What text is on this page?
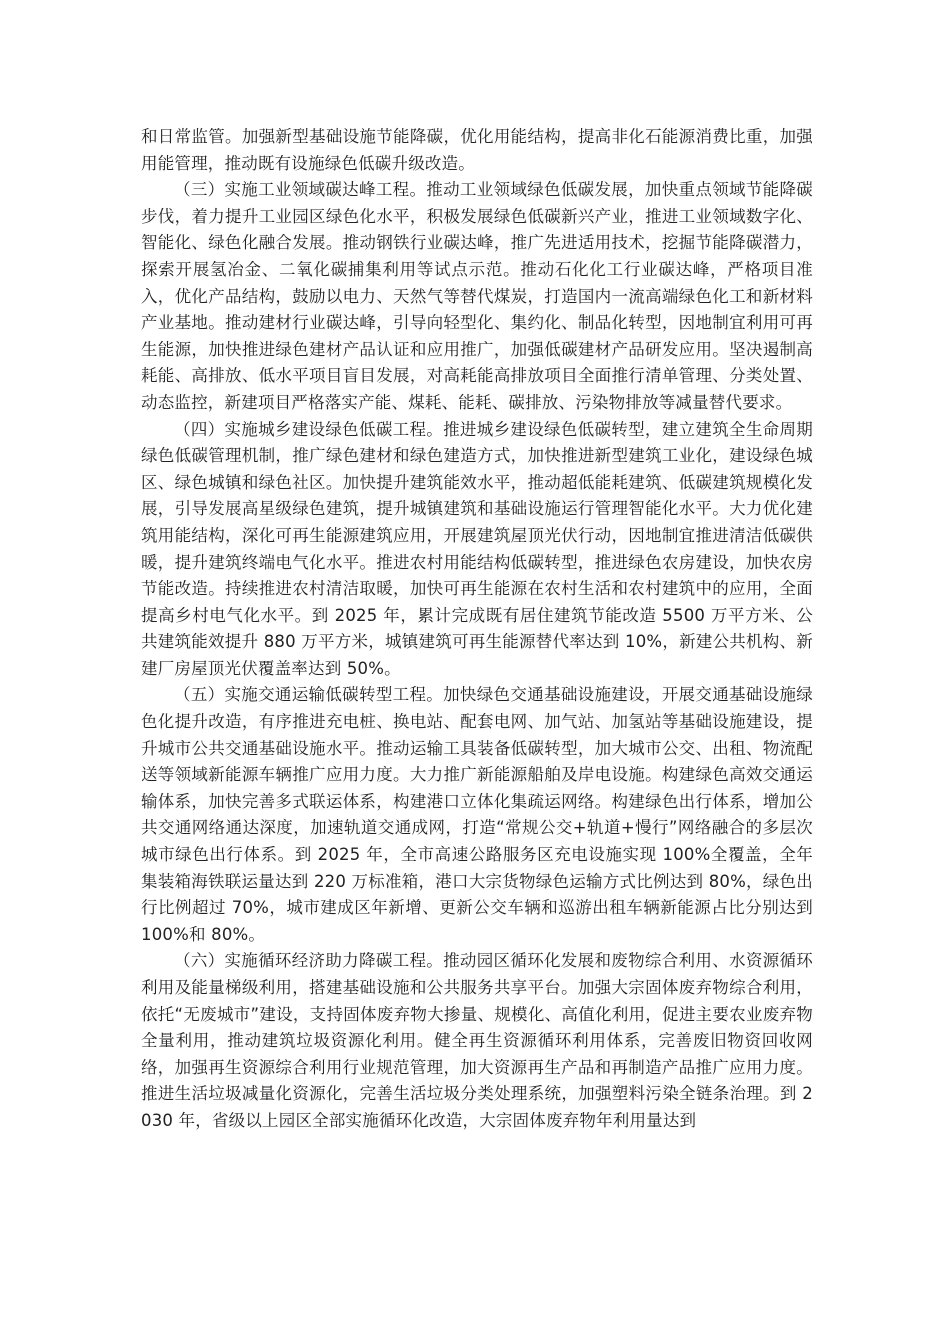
和日常监管。加强新型基础设施节能降碳，优化用能结构，提高非化石能源消费比重，加强用能管理，推动既有设施绿色低碳升级改造。

（三）实施工业领域碳达峰工程。推动工业领域绿色低碳发展，加快重点领域节能降碳步伐，着力提升工业园区绿色化水平，积极发展绿色低碳新兴产业，推进工业领域数字化、智能化、绿色化融合发展。推动钢铁行业碳达峰，推广先进适用技术，挖掘节能降碳潜力，探索开展氢冶金、二氧化碳捕集利用等试点示范。推动石化化工行业碳达峰，严格项目准入，优化产品结构，鼓励以电力、天然气等替代煤炭，打造国内一流高端绿色化工和新材料产业基地。推动建材行业碳达峰，引导向轻型化、集约化、制品化转型，因地制宜利用可再生能源，加快推进绿色建材产品认证和应用推广，加强低碳建材产品研发应用。坚决遏制高耗能、高排放、低水平项目盲目发展，对高耗能高排放项目全面推行清单管理、分类处置、动态监控，新建项目严格落实产能、煤耗、能耗、碳排放、污染物排放等减量替代要求。

（四）实施城乡建设绿色低碳工程。推进城乡建设绿色低碳转型，建立建筑全生命周期绿色低碳管理机制，推广绿色建材和绿色建造方式，加快推进新型建筑工业化，建设绿色城区、绿色城镇和绿色社区。加快提升建筑能效水平，推动超低能耗建筑、低碳建筑规模化发展，引导发展高星级绿色建筑，提升城镇建筑和基础设施运行管理智能化水平。大力优化建筑用能结构，深化可再生能源建筑应用，开展建筑屋顶光伏行动，因地制宜推进清洁低碳供暖，提升建筑终端电气化水平。推进农村用能结构低碳转型，推进绿色农房建设，加快农房节能改造。持续推进农村清洁取暖，加快可再生能源在农村生活和农村建筑中的应用，全面提高乡村电气化水平。到 2025 年，累计完成既有居住建筑节能改造 5500 万平方米、公共建筑能效提升 880 万平方米，城镇建筑可再生能源替代率达到 10%，新建公共机构、新建厂房屋顶光伏覆盖率达到 50%。

（五）实施交通运输低碳转型工程。加快绿色交通基础设施建设，开展交通基础设施绿色化提升改造，有序推进充电桩、换电站、配套电网、加气站、加氢站等基础设施建设，提升城市公共交通基础设施水平。推动运输工具装备低碳转型，加大城市公交、出租、物流配送等领域新能源车辆推广应用力度。大力推广新能源船舶及岸电设施。构建绿色高效交通运输体系，加快完善多式联运体系，构建港口立体化集疏运网络。构建绿色出行体系，增加公共交通网络通达深度，加速轨道交通成网，打造“常规公交+轨道+慢行”网络融合的多层次城市绿色出行体系。到 2025 年，全市高速公路服务区充电设施实现 100%全覆盖，全年集装箱海铁联运量达到 220 万标准箱，港口大宗货物绿色运输方式比例达到 80%，绿色出行比例超过 70%，城市建成区年新增、更新公交车辆和巡游出租车辆新能源占比分别达到 100%和 80%。

（六）实施循环经济助力降碳工程。推动园区循环化发展和废物综合利用、水资源循环利用及能量梯级利用，搭建基础设施和公共服务共享平台。加强大宗固体废弃物综合利用，依托“无废城市”建设，支持固体废弃物大掺量、规模化、高值化利用，促进主要农业废弃物全量利用，推动建筑垃圾资源化利用。健全再生资源循环利用体系，完善废旧物资回收网络，加强再生资源综合利用行业规范管理，加大资源再生产品和再制造产品推广应用力度。推进生活垃圾减量化资源化，完善生活垃圾分类处理系统，加强塑料污染全链条治理。到 2030 年，省级以上园区全部实施循环化改造，大宗固体废弃物年利用量达到
